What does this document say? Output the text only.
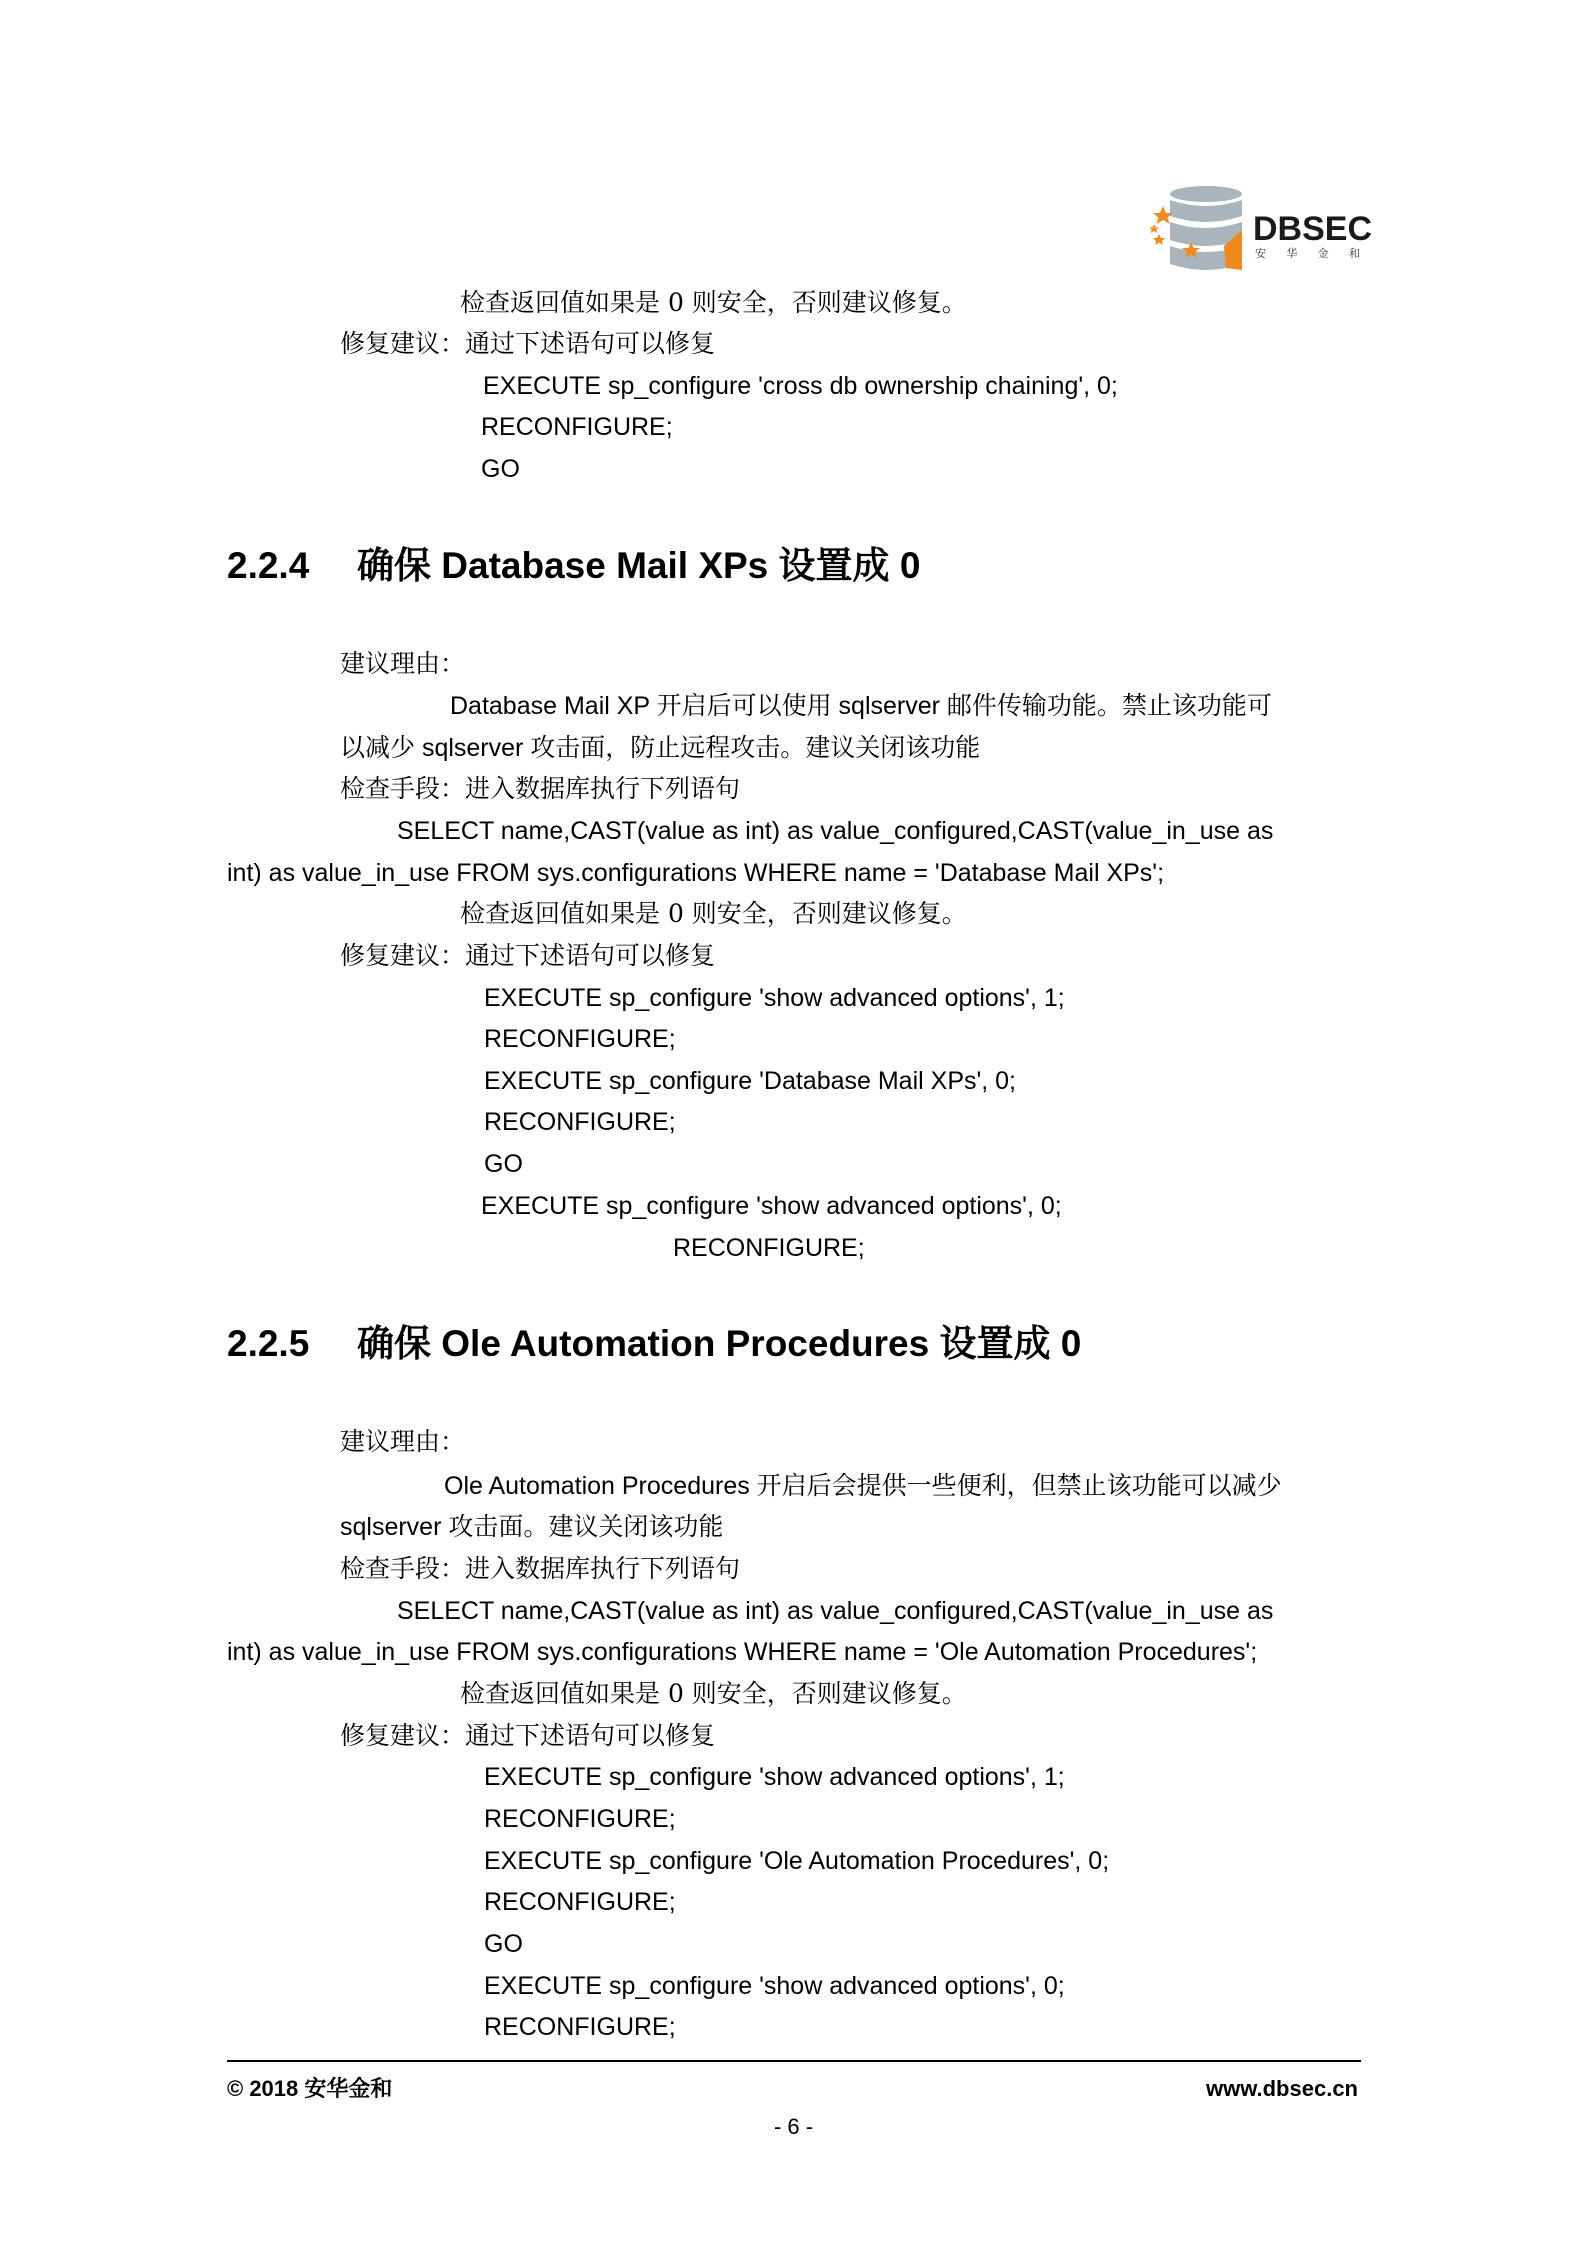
DBSEC
安 华 金 和
检查返回值如果是 0 则安全，否则建议修复。
修复建议：通过下述语句可以修复
EXECUTE sp_configure 'cross db ownership chaining', 0;
RECONFIGURE;
GO
2.2.4 确保 Database Mail XPs 设置成 0
建议理由：
Database Mail XP 开启后可以使用 sqlserver 邮件传输功能。禁止该功能可
以减少 sqlserver 攻击面，防止远程攻击。建议关闭该功能
检查手段：进入数据库执行下列语句
SELECT name,CAST(value as int) as value_configured,CAST(value_in_use as
int) as value_in_use FROM sys.configurations WHERE name = 'Database Mail XPs';
检查返回值如果是 0 则安全，否则建议修复。
修复建议：通过下述语句可以修复
EXECUTE sp_configure 'show advanced options', 1;
RECONFIGURE;
EXECUTE sp_configure 'Database Mail XPs', 0;
RECONFIGURE;
GO
EXECUTE sp_configure 'show advanced options', 0;
RECONFIGURE;
2.2.5 确保 Ole Automation Procedures 设置成 0
建议理由：
Ole Automation Procedures 开启后会提供一些便利，但禁止该功能可以减少
sqlserver 攻击面。建议关闭该功能
检查手段：进入数据库执行下列语句
SELECT name,CAST(value as int) as value_configured,CAST(value_in_use as
int) as value_in_use FROM sys.configurations WHERE name = 'Ole Automation Procedures';
检查返回值如果是 0 则安全，否则建议修复。
修复建议：通过下述语句可以修复
EXECUTE sp_configure 'show advanced options', 1;
RECONFIGURE;
EXECUTE sp_configure 'Ole Automation Procedures', 0;
RECONFIGURE;
GO
EXECUTE sp_configure 'show advanced options', 0;
RECONFIGURE;
© 2018 安华金和	www.dbsec.cn
- 6 -
